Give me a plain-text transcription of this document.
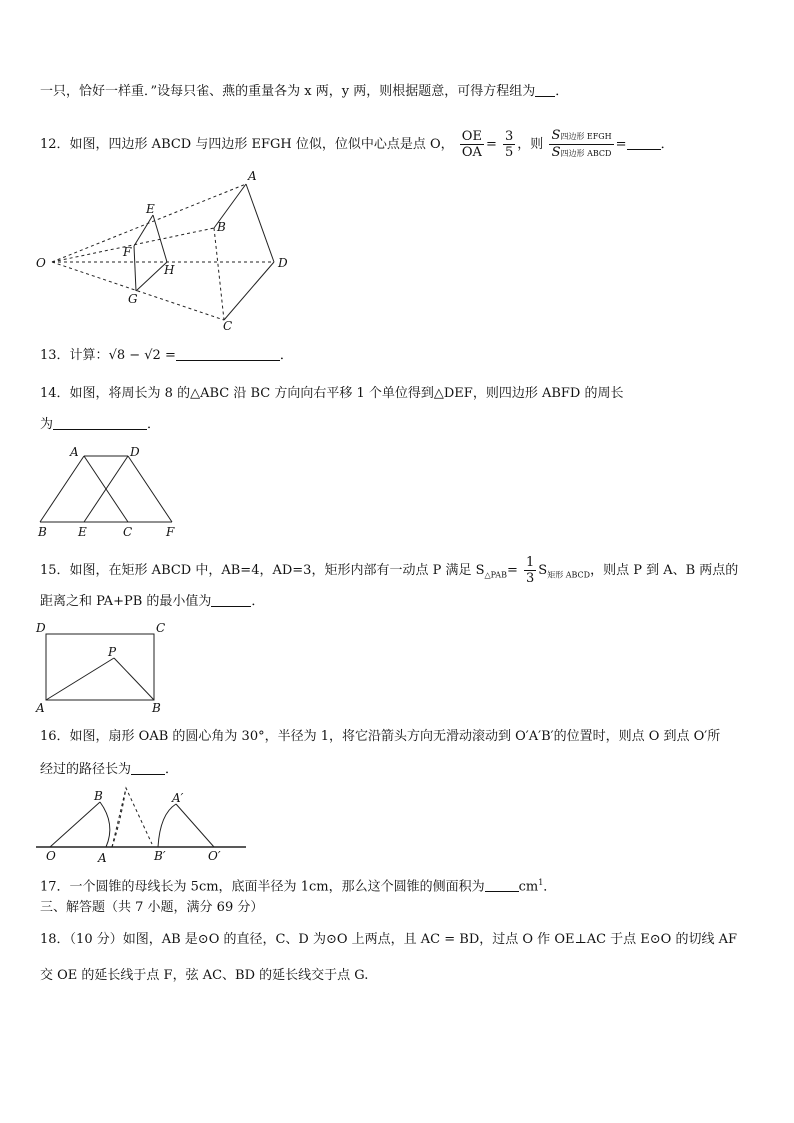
一只，恰好一样重．”设每只雀、燕的重量各为 x 两，y 两，则根据题意，可得方程组为 ．
12．如图，四边形 ABCD 与四边形 EFGH 位似，位似中心点是点 O， $\frac{OE}{OA} = \frac{3}{5}$ ，则 $\frac{\text{S四边形 EFGH}}{\text{S四边形 ABCD}}$ =	．
A
B
C
D
E
F
G
H
O
13．计算：√8 − √2 =	．
14．如图，将周长为 8 的△ABC 沿 BC 方向向右平移 1 个单位得到△DEF，则四边形 ABFD 的周长
为	．
A	D
B	E	C	F
15．如图，在矩形 ABCD 中，AB=4，AD=3，矩形内部有一动点 P 满足 $S_{\triangle PAB}= \frac{1}{3} S_{矩形 ABCD}$，则点 P 到 A、B 两点的
距离之和 PA+PB 的最小值为	．
D	C
P
A	B
16．如图，扇形 OAB 的圆心角为 30°，半径为 1，将它沿箭头方向无滑动滚动到 O′A′B′的位置时，则点 O 到点 O′所
经过的路径长为	．
B
O	A
A′
B′	O′
17．一个圆锥的母线长为 5cm，底面半径为 1cm，那么这个圆锥的侧面积为	$cm^1$．
三、解答题（共 7 小题，满分 69 分）
18．（10 分）如图，AB 是⊙O 的直径，C、D 为⊙O 上两点，且 AC = BD，过点 O 作 OE⊥AC 于点 E⊙O 的切线 AF
交 OE 的延长线于点 F，弦 AC、BD 的延长线交于点 G.
